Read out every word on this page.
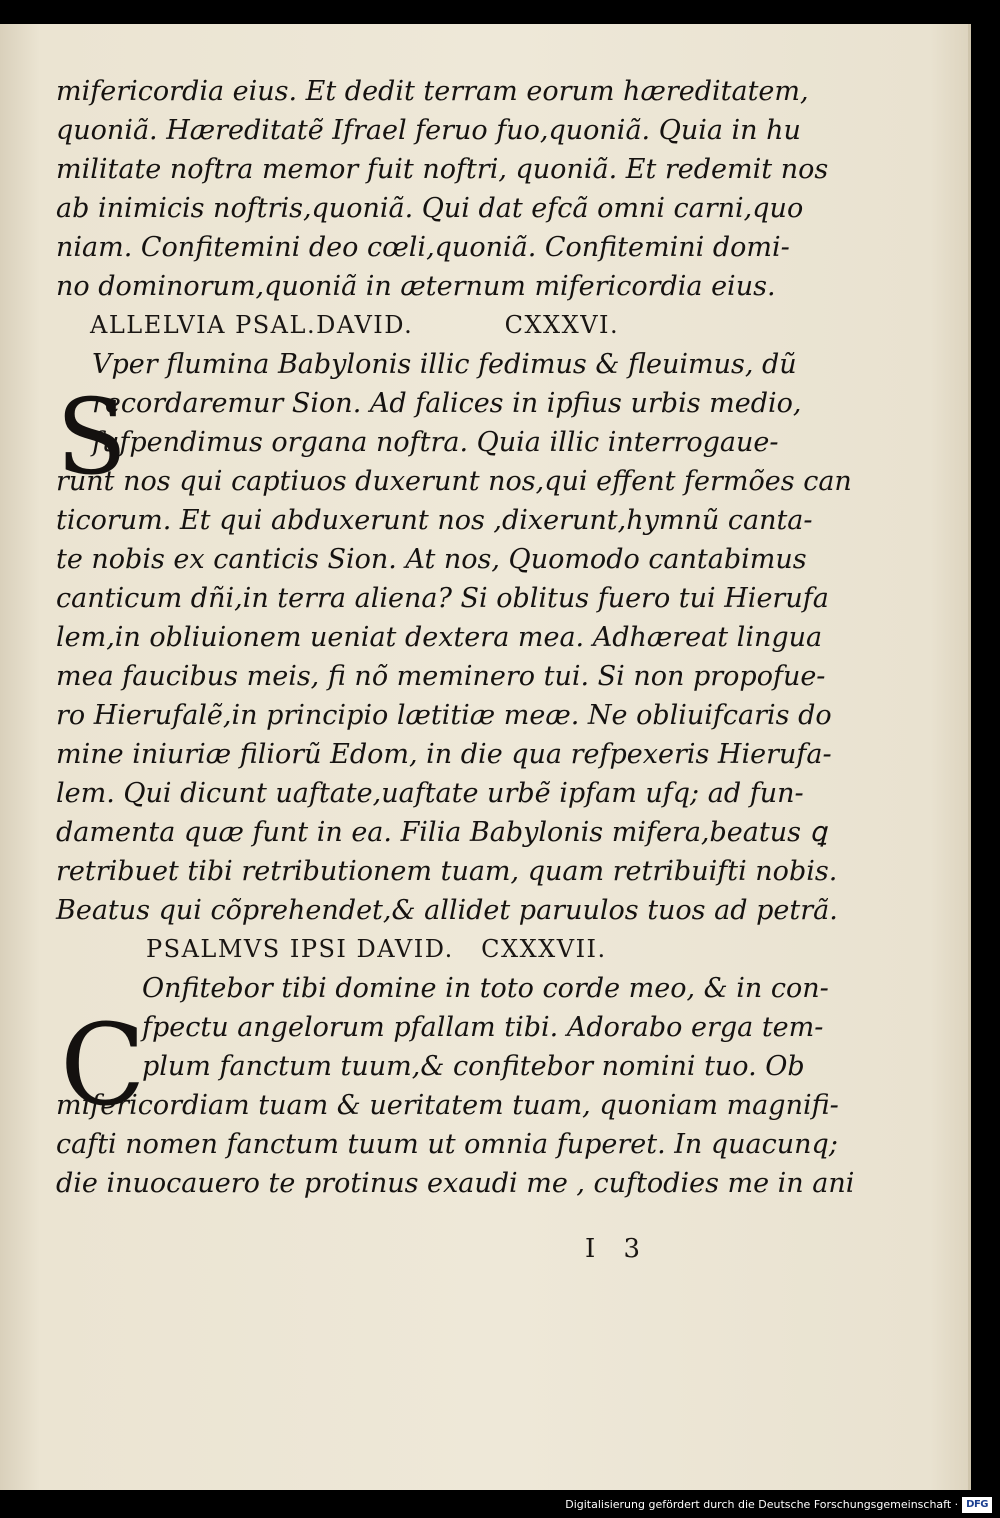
mifericordia eius. Et dedit terram eorum hæreditatem,
quoniã. Hæreditatẽ Ifrael feruo fuo,quoniã. Quia in hu
militate noftra memor fuit noftri, quoniã. Et redemit nos
ab inimicis noftris,quoniã. Qui dat efcã omni carni,quo
niam. Confitemini deo cœli,quoniã. Confitemini domi-
no dominorum,quoniã in æternum mifericordia eius.
ALLELVIA PSAL.DAVID.	CXXXVI.
Vper flumina Babylonis illic fedimus & fleuimus, dũ
recordaremur Sion. Ad falices in ipfius urbis medio,
fufpendimus organa noftra. Quia illic interrogaue-
runt nos qui captiuos duxerunt nos,qui effent fermões can
ticorum. Et qui abduxerunt nos ,dixerunt,hymnũ canta-
te nobis ex canticis Sion. At nos, Quomodo cantabimus
canticum dñi,in terra aliena? Si oblitus fuero tui Hierufa
lem,in obliuionem ueniat dextera mea. Adhæreat lingua
mea faucibus meis, fi nõ meminero tui. Si non propofue-
ro Hierufalẽ,in principio lætitiæ meæ. Ne obliuifcaris do
mine iniuriæ filiorũ Edom, in die qua refpexeris Hierufa-
lem. Qui dicunt uaftate,uaftate urbẽ ipfam ufq; ad fun-
damenta quæ funt in ea. Filia Babylonis mifera,beatus ꝗ
retribuet tibi retributionem tuam, quam retribuifti nobis.
Beatus qui cõprehendet,& allidet paruulos tuos ad petrã.
PSALMVS IPSI DAVID. CXXXVII.
Onfitebor tibi domine in toto corde meo, & in con-
fpectu angelorum pfallam tibi. Adorabo erga tem-
plum fanctum tuum,& confitebor nomini tuo. Ob
mifericordiam tuam & ueritatem tuam, quoniam magnifi-
cafti nomen fanctum tuum ut omnia fuperet. In quacunq;
die inuocauero te protinus exaudi me , cuftodies me in ani
S
C
I 3
Digitalisierung gefördert durch die Deutsche Forschungsgemeinschaft · DFG
